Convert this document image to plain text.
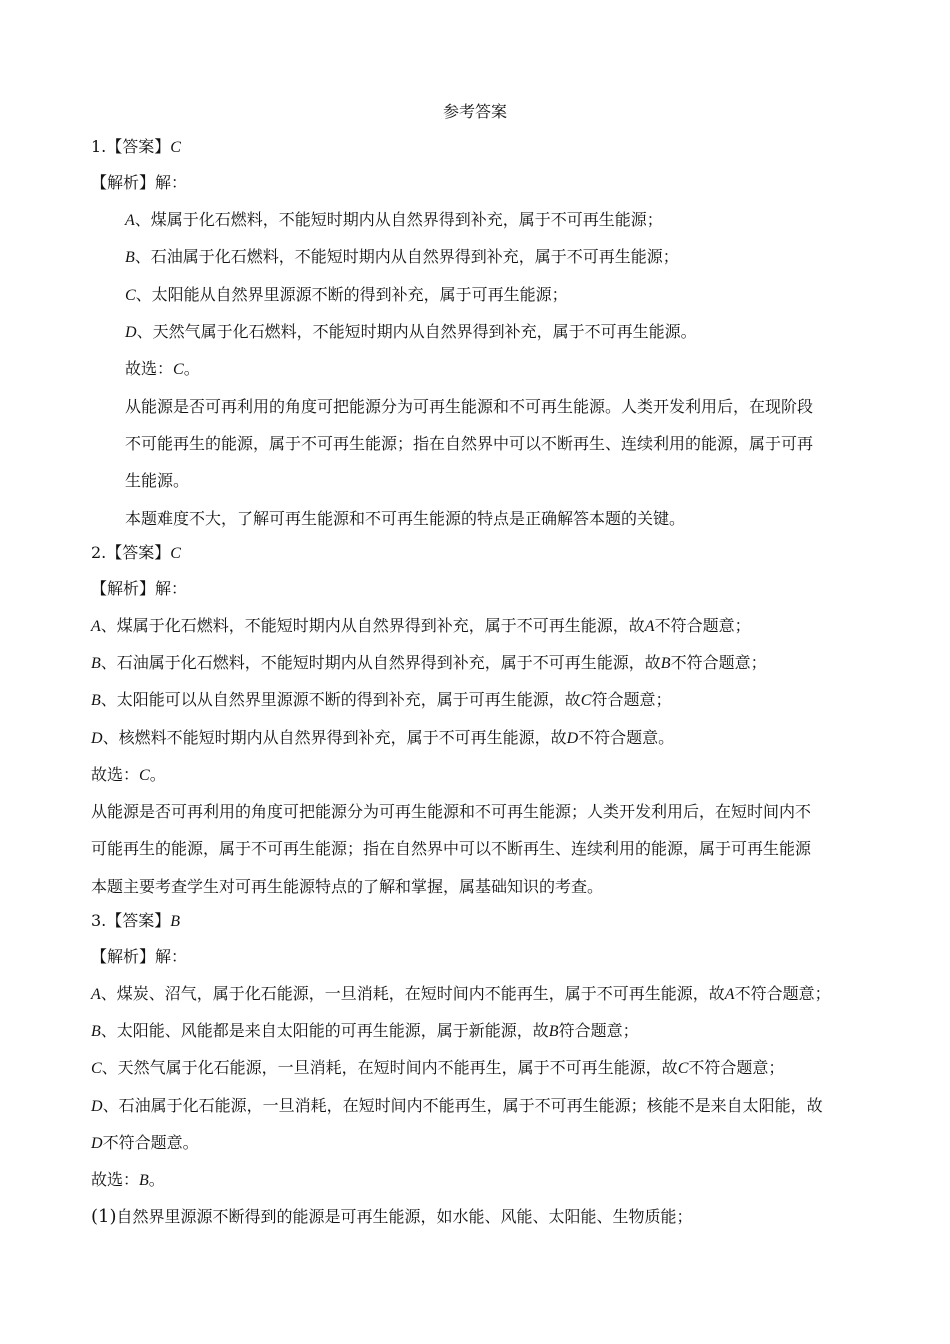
参考答案
1.【答案】C
【解析】解：
A、煤属于化石燃料，不能短时期内从自然界得到补充，属于不可再生能源；
B、石油属于化石燃料，不能短时期内从自然界得到补充，属于不可再生能源；
C、太阳能从自然界里源源不断的得到补充，属于可再生能源；
D、天然气属于化石燃料，不能短时期内从自然界得到补充，属于不可再生能源。
故选：C。
从能源是否可再利用的角度可把能源分为可再生能源和不可再生能源。人类开发利用后，在现阶段
不可能再生的能源，属于不可再生能源；指在自然界中可以不断再生、连续利用的能源，属于可再
生能源。
本题难度不大，了解可再生能源和不可再生能源的特点是正确解答本题的关键。
2.【答案】C
【解析】解：
A、煤属于化石燃料，不能短时期内从自然界得到补充，属于不可再生能源，故A不符合题意；
B、石油属于化石燃料，不能短时期内从自然界得到补充，属于不可再生能源，故B不符合题意；
B、太阳能可以从自然界里源源不断的得到补充，属于可再生能源，故C符合题意；
D、核燃料不能短时期内从自然界得到补充，属于不可再生能源，故D不符合题意。
故选：C。
从能源是否可再利用的角度可把能源分为可再生能源和不可再生能源；人类开发利用后，在短时间内不
可能再生的能源，属于不可再生能源；指在自然界中可以不断再生、连续利用的能源，属于可再生能源
本题主要考查学生对可再生能源特点的了解和掌握，属基础知识的考查。
3.【答案】B
【解析】解：
A、煤炭、沼气，属于化石能源，一旦消耗，在短时间内不能再生，属于不可再生能源，故A不符合题意；
B、太阳能、风能都是来自太阳能的可再生能源，属于新能源，故B符合题意；
C、天然气属于化石能源，一旦消耗，在短时间内不能再生，属于不可再生能源，故C不符合题意；
D、石油属于化石能源，一旦消耗，在短时间内不能再生，属于不可再生能源；核能不是来自太阳能，故
D不符合题意。
故选：B。
(1)自然界里源源不断得到的能源是可再生能源，如水能、风能、太阳能、生物质能；
